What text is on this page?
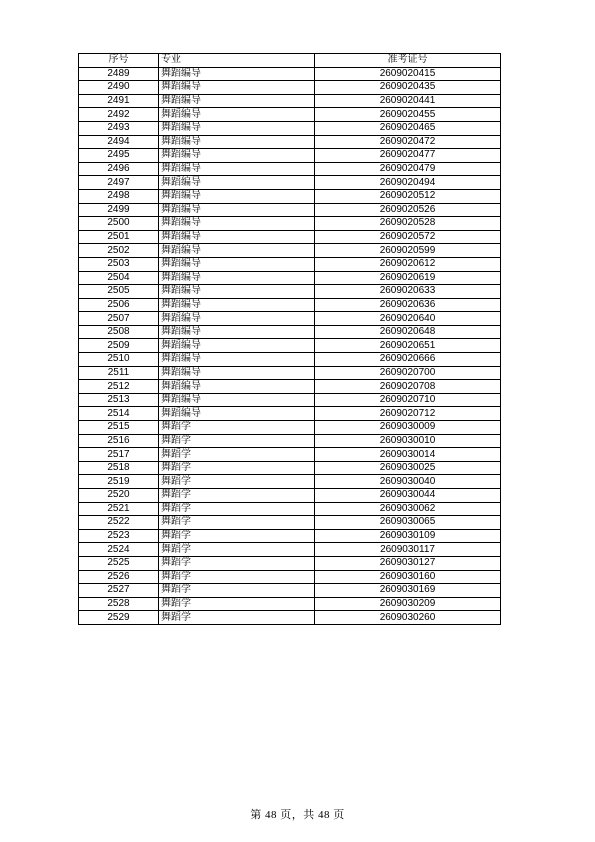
序号	专业	准考证号
2489	舞蹈编导	2609020415
2490	舞蹈编导	2609020435
2491	舞蹈编导	2609020441
2492	舞蹈编导	2609020455
2493	舞蹈编导	2609020465
2494	舞蹈编导	2609020472
2495	舞蹈编导	2609020477
2496	舞蹈编导	2609020479
2497	舞蹈编导	2609020494
2498	舞蹈编导	2609020512
2499	舞蹈编导	2609020526
2500	舞蹈编导	2609020528
2501	舞蹈编导	2609020572
2502	舞蹈编导	2609020599
2503	舞蹈编导	2609020612
2504	舞蹈编导	2609020619
2505	舞蹈编导	2609020633
2506	舞蹈编导	2609020636
2507	舞蹈编导	2609020640
2508	舞蹈编导	2609020648
2509	舞蹈编导	2609020651
2510	舞蹈编导	2609020666
2511	舞蹈编导	2609020700
2512	舞蹈编导	2609020708
2513	舞蹈编导	2609020710
2514	舞蹈编导	2609020712
2515	舞蹈学	2609030009
2516	舞蹈学	2609030010
2517	舞蹈学	2609030014
2518	舞蹈学	2609030025
2519	舞蹈学	2609030040
2520	舞蹈学	2609030044
2521	舞蹈学	2609030062
2522	舞蹈学	2609030065
2523	舞蹈学	2609030109
2524	舞蹈学	2609030117
2525	舞蹈学	2609030127
2526	舞蹈学	2609030160
2527	舞蹈学	2609030169
2528	舞蹈学	2609030209
2529	舞蹈学	2609030260
第 48 页，共 48 页
